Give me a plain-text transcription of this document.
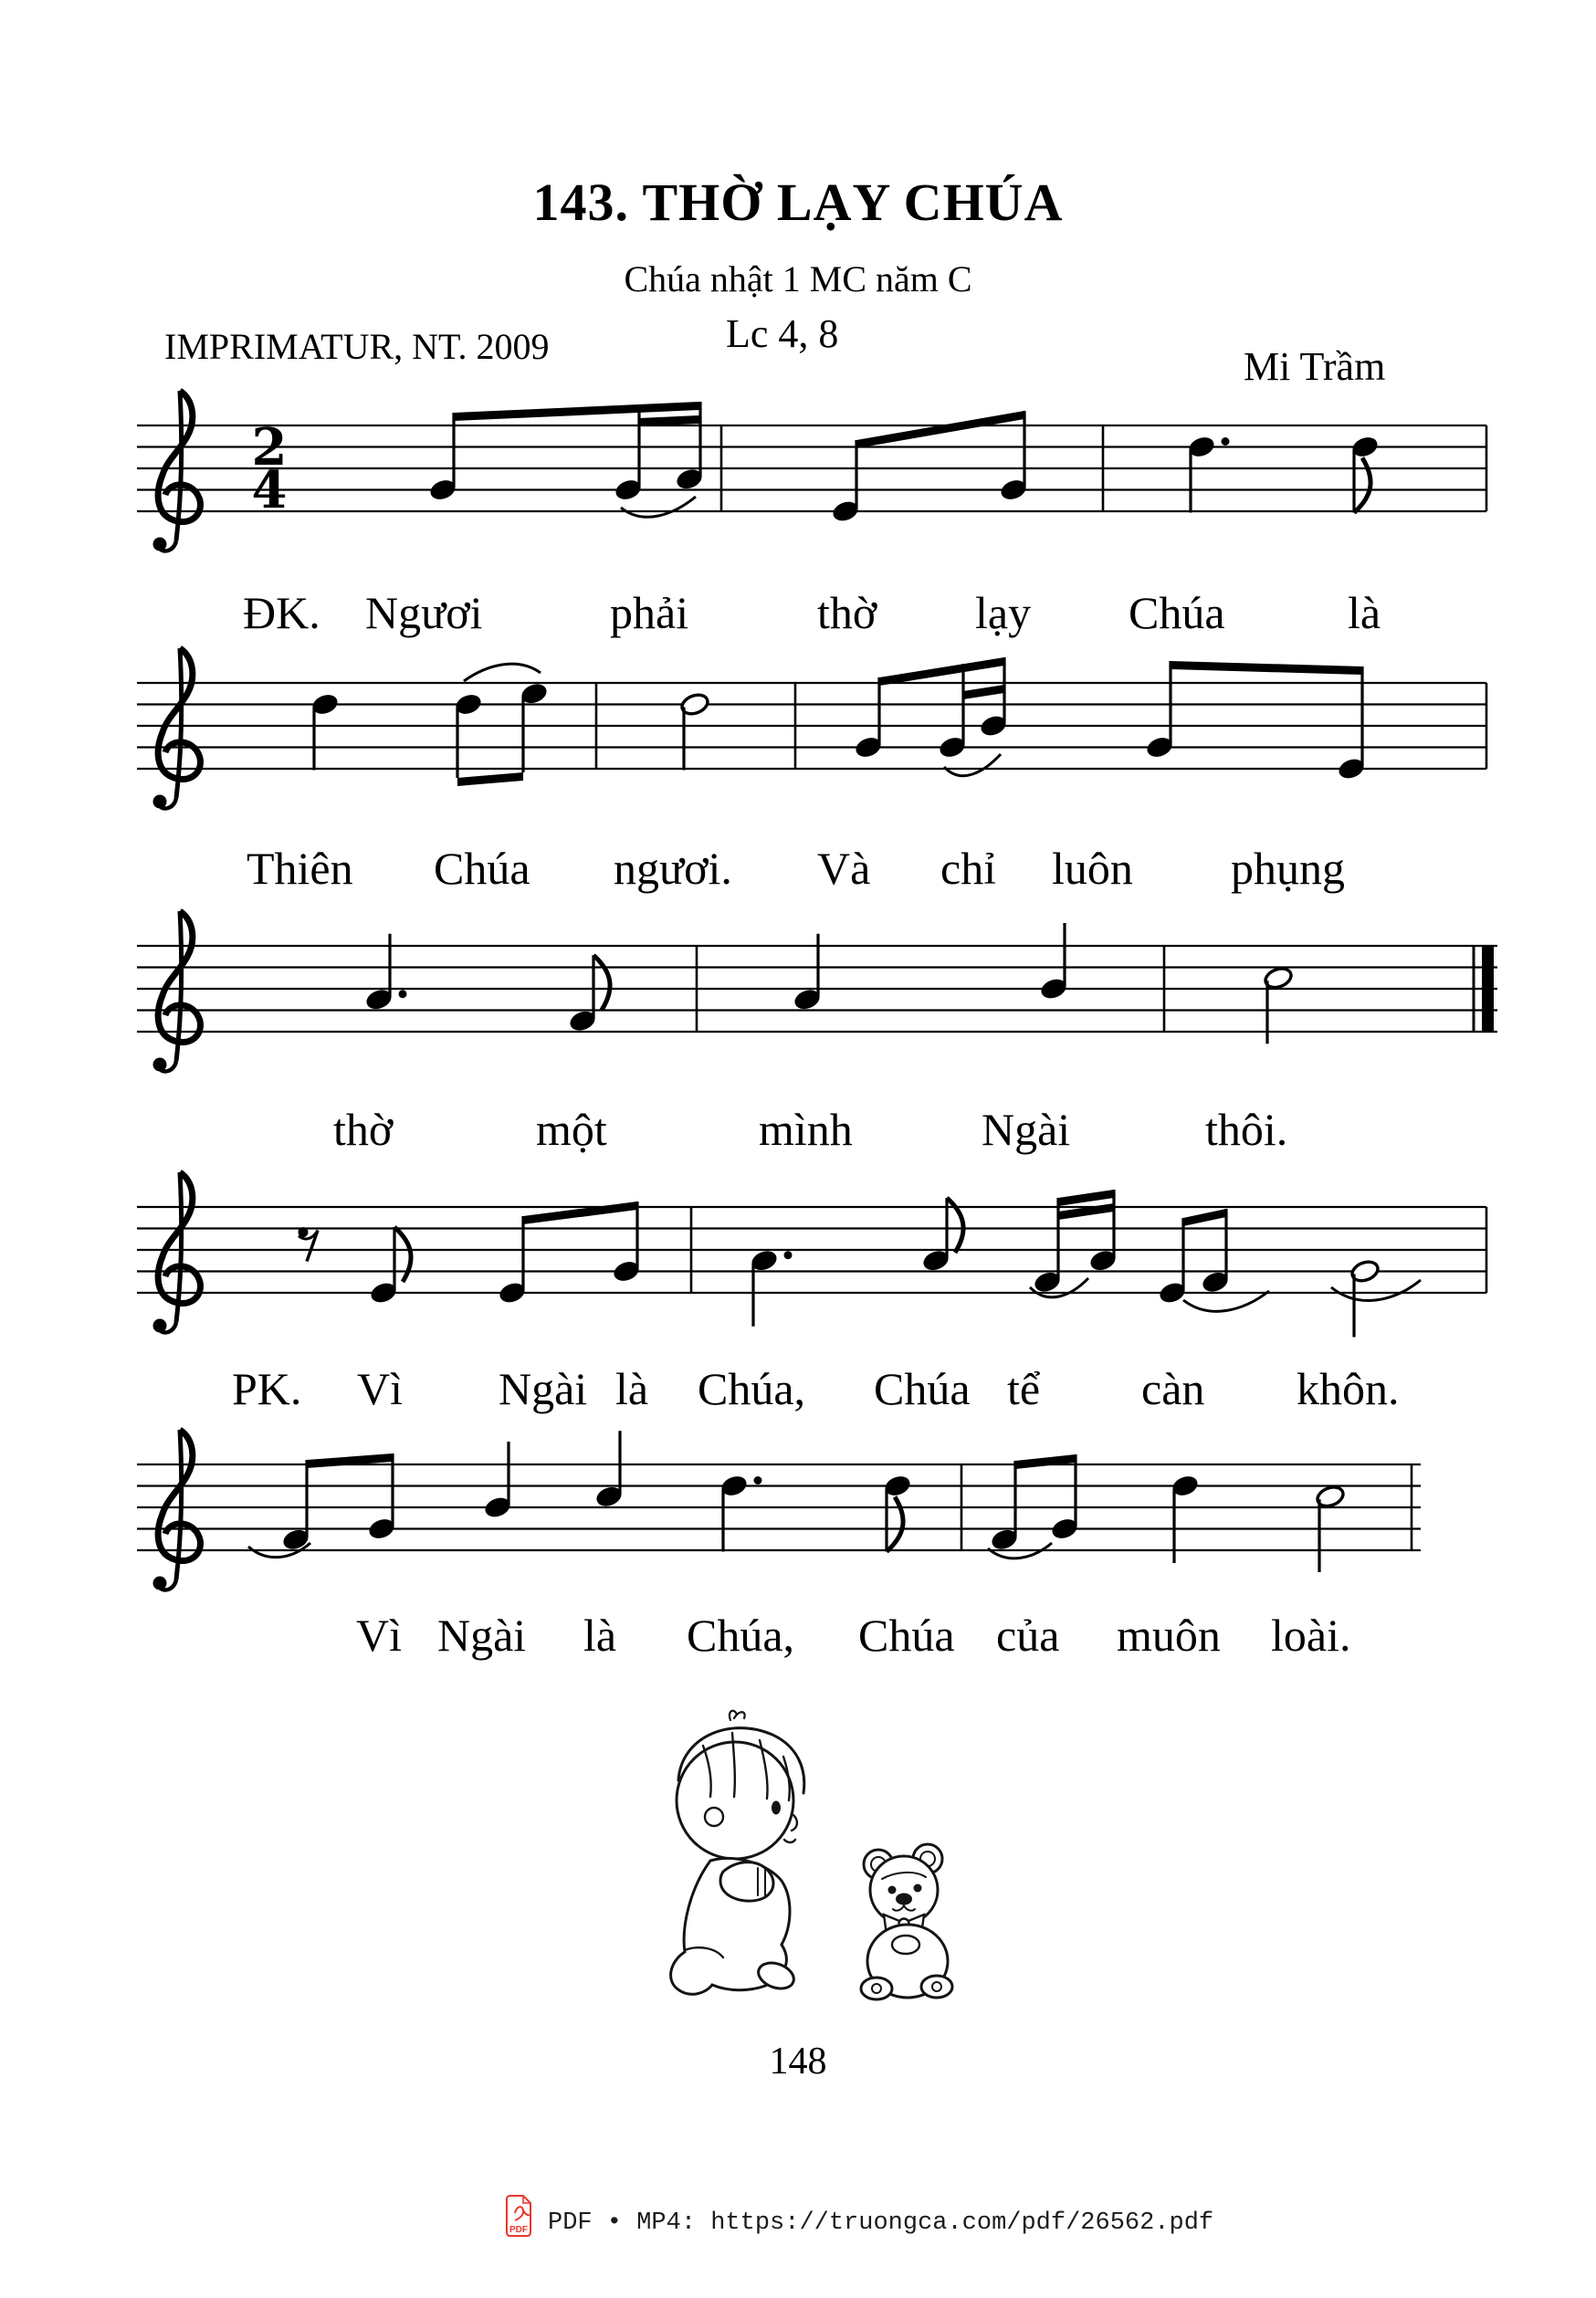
143. THỜ LẠY CHÚA
Chúa nhật 1 MC năm C
IMPRIMATUR, NT. 2009	Lc 4, 8
Mi Trầm
2
4
ĐK. Ngươi	phải	thờ lạy Chúa	là
Thiên Chúa ngươi. Và chỉ luôn phụng
thờ	một	mình	Ngài	thôi.
PK. Vì Ngài là Chúa, Chúa tể càn khôn.
Vì Ngài là Chúa, Chúa của muôn loài.
148
PDF PDF • MP4: https://truongca.com/pdf/26562.pdf
